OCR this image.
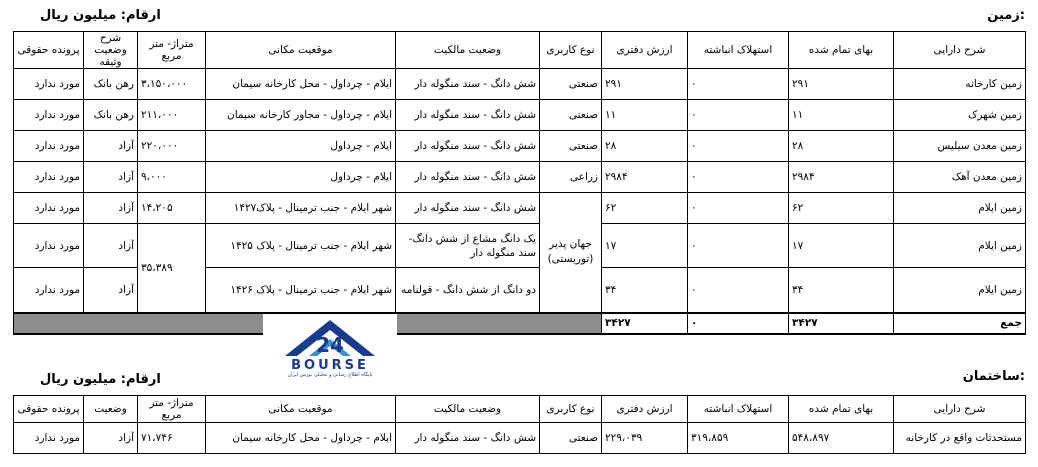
زمین:
ارقام: میلیون ریال
شرح دارایی	بهای تمام شده	استهلاک انباشته	ارزش دفتری	نوع کاربری	وضعیت مالکیت	موقعیت مکانی	متراژ- متر مربع	شرح وضعیت وثیقه	پرونده حقوقی
زمین کارخانه	۲۹۱	۰	۲۹۱	صنعتی	شش دانگ - سند منگوله دار	ایلام - چرداول - محل کارخانه سیمان	۳،۱۵۰،۰۰۰	رهن بانک	مورد ندارد
زمین شهرک	۱۱	۰	۱۱	صنعتی	شش دانگ - سند منگوله دار	ایلام - چرداول - مجاور کارخانه سیمان	۲۱۱،۰۰۰	رهن بانک	مورد ندارد
زمین معدن سیلیس	۲۸	۰	۲۸	صنعتی	شش دانگ - سند منگوله دار	ایلام - چرداول	۲۲۰،۰۰۰	آزاد	مورد ندارد
زمین معدن آهک	۲۹۸۴	۰	۲۹۸۴	زراعی	شش دانگ - سند منگوله دار	ایلام - چرداول	۹،۰۰۰	آزاد	مورد ندارد
زمین ایلام	۶۲	۰	۶۲	جهان پذیر (توریستی)	شش دانگ - سند منگوله دار	شهر ایلام - جنب ترمینال - پلاک۱۴۲۷	۱۴،۲۰۵	آزاد	مورد ندارد
زمین ایلام	۱۷	۰	۱۷		یک دانگ مشاع از شش دانگ- سند منگوله دار	شهر ایلام - جنب ترمینال - پلاک ۱۴۲۵	۳۵،۳۸۹	آزاد	مورد ندارد
زمین ایلام	۳۴	۰	۳۴		دو دانگ از شش دانگ - قولنامه	شهر ایلام - جنب ترمینال - پلاک ۱۴۲۶		آزاد	مورد ندارد
جمع	۳۴۲۷	۰	۳۴۲۷						
24
BOURSE
پایگاه اطلاع رسانی و تحلیلی بورس ایران	ساختمان:
ارقام: میلیون ریال
شرح دارایی	بهای تمام شده	استهلاک انباشته	ارزش دفتری	نوع کاربری	وضعیت مالکیت	موقعیت مکانی	متراژ- متر مربع	وضعیت	پرونده حقوقی
مستحدثات واقع در کارخانه	۵۴۸،۸۹۷	۳۱۹،۸۵۹	۲۲۹،۰۳۹	صنعتی	شش دانگ - سند منگوله دار	ایلام - چرداول - محل کارخانه سیمان	۷۱،۷۴۶	آزاد	مورد ندارد
